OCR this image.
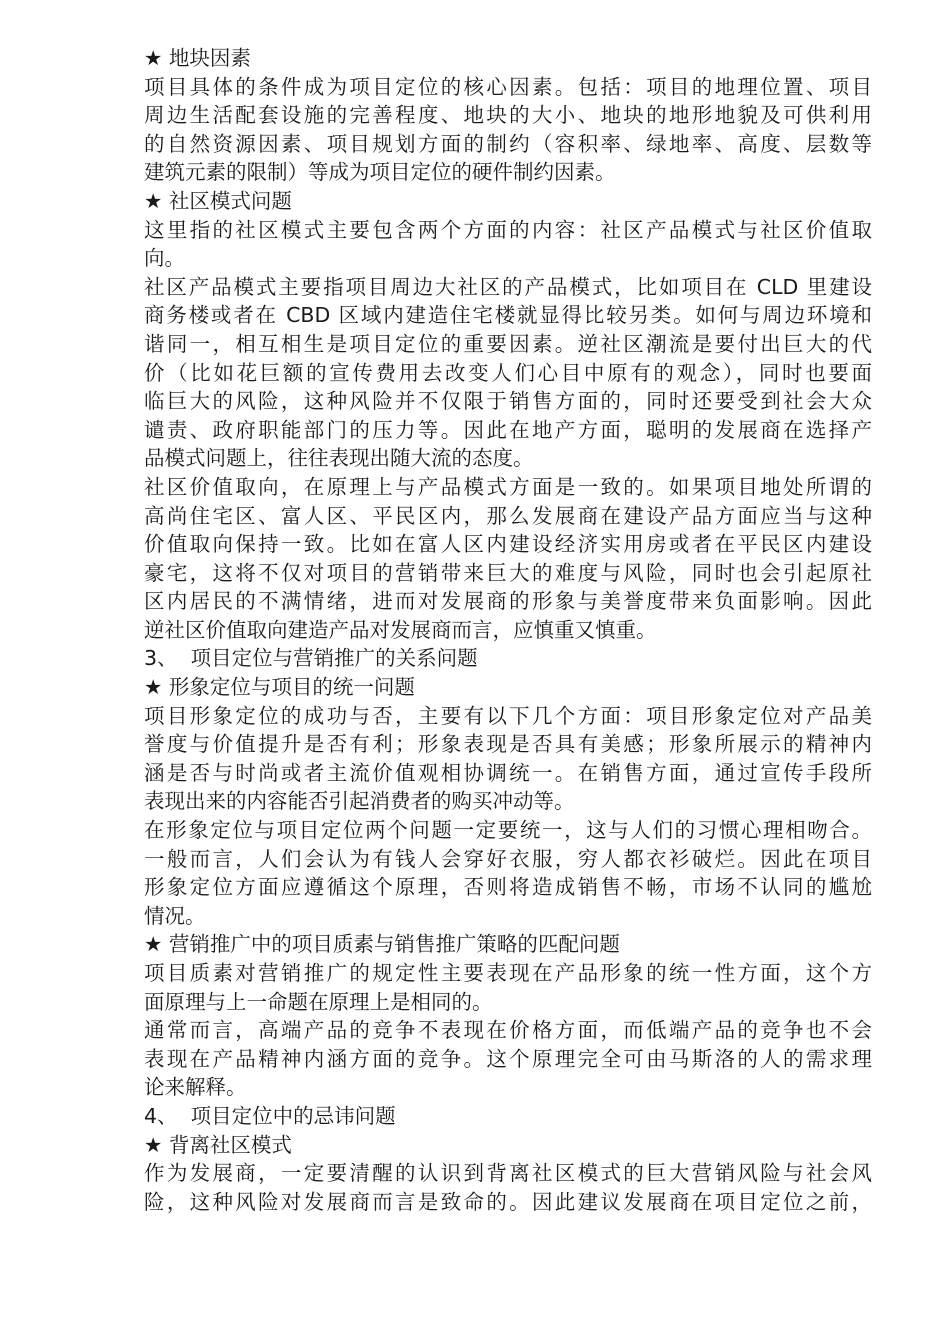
★ 地块因素
项目具体的条件成为项目定位的核心因素。包括：项目的地理位置、项目
周边生活配套设施的完善程度、地块的大小、地块的地形地貌及可供利用
的自然资源因素、项目规划方面的制约（容积率、绿地率、高度、层数等
建筑元素的限制）等成为项目定位的硬件制约因素。
★ 社区模式问题
这里指的社区模式主要包含两个方面的内容：社区产品模式与社区价值取
向。
社区产品模式主要指项目周边大社区的产品模式，比如项目在 CLD 里建设
商务楼或者在 CBD 区域内建造住宅楼就显得比较另类。如何与周边环境和
谐同一，相互相生是项目定位的重要因素。逆社区潮流是要付出巨大的代
价（比如花巨额的宣传费用去改变人们心目中原有的观念），同时也要面
临巨大的风险，这种风险并不仅限于销售方面的，同时还要受到社会大众
谴责、政府职能部门的压力等。因此在地产方面，聪明的发展商在选择产
品模式问题上，往往表现出随大流的态度。
社区价值取向，在原理上与产品模式方面是一致的。如果项目地处所谓的
高尚住宅区、富人区、平民区内，那么发展商在建设产品方面应当与这种
价值取向保持一致。比如在富人区内建设经济实用房或者在平民区内建设
豪宅，这将不仅对项目的营销带来巨大的难度与风险，同时也会引起原社
区内居民的不满情绪，进而对发展商的形象与美誉度带来负面影响。因此
逆社区价值取向建造产品对发展商而言，应慎重又慎重。
3、  项目定位与营销推广的关系问题
★ 形象定位与项目的统一问题
项目形象定位的成功与否，主要有以下几个方面：项目形象定位对产品美
誉度与价值提升是否有利；形象表现是否具有美感；形象所展示的精神内
涵是否与时尚或者主流价值观相协调统一。在销售方面，通过宣传手段所
表现出来的内容能否引起消费者的购买冲动等。
在形象定位与项目定位两个问题一定要统一，这与人们的习惯心理相吻合。
一般而言，人们会认为有钱人会穿好衣服，穷人都衣衫破烂。因此在项目
形象定位方面应遵循这个原理，否则将造成销售不畅，市场不认同的尴尬
情况。
★ 营销推广中的项目质素与销售推广策略的匹配问题
项目质素对营销推广的规定性主要表现在产品形象的统一性方面，这个方
面原理与上一命题在原理上是相同的。
通常而言，高端产品的竞争不表现在价格方面，而低端产品的竞争也不会
表现在产品精神内涵方面的竞争。这个原理完全可由马斯洛的人的需求理
论来解释。
4、  项目定位中的忌讳问题
★ 背离社区模式
作为发展商，一定要清醒的认识到背离社区模式的巨大营销风险与社会风
险，这种风险对发展商而言是致命的。因此建议发展商在项目定位之前，
